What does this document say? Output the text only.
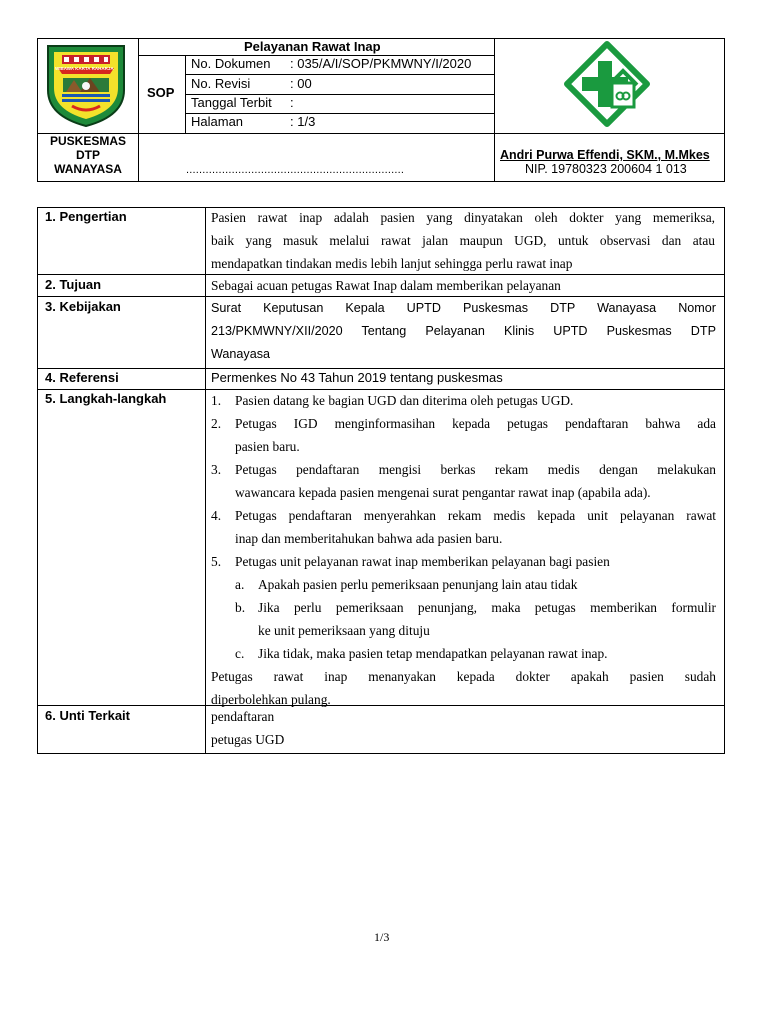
WIBAWA KARTA RAHARJA
Pelayanan Rawat Inap
SOP
No. Dokumen : 035/A/I/SOP/PKMWNY/I/2020
No. Revisi	: 00
Tanggal Terbit :
Halaman	: 1/3
PUSKESMAS
DTP
WANAYASA	...................................................................
Andri Purwa Effendi, SKM., M.Mkes
NIP. 19780323 200604 1 013
1. Pengertian	Pasien rawat inap adalah pasien yang dinyatakan oleh dokter yang memeriksa,
baik yang masuk melalui rawat jalan maupun UGD, untuk observasi dan atau
mendapatkan tindakan medis lebih lanjut sehingga perlu rawat inap
2. Tujuan	Sebagai acuan petugas Rawat Inap dalam memberikan pelayanan
3. Kebijakan	Surat Keputusan Kepala UPTD Puskesmas DTP Wanayasa Nomor
213/PKMWNY/XII/2020 Tentang Pelayanan Klinis UPTD Puskesmas DTP
Wanayasa
4. Referensi	Permenkes No 43 Tahun 2019 tentang puskesmas
5. Langkah-langkah	1. Pasien datang ke bagian UGD dan diterima oleh petugas UGD.
2. Petugas IGD menginformasihan kepada petugas pendaftaran bahwa ada
pasien baru.
3. Petugas pendaftaran mengisi berkas rekam medis dengan melakukan
wawancara kepada pasien mengenai surat pengantar rawat inap (apabila ada).
4. Petugas pendaftaran menyerahkan rekam medis kepada unit pelayanan rawat
inap dan memberitahukan bahwa ada pasien baru.
5. Petugas unit pelayanan rawat inap memberikan pelayanan bagi pasien
a. Apakah pasien perlu pemeriksaan penunjang lain atau tidak
b. Jika perlu pemeriksaan penunjang, maka petugas memberikan formulir
ke unit pemeriksaan yang dituju
c. Jika tidak, maka pasien tetap mendapatkan pelayanan rawat inap.
Petugas rawat inap menanyakan kepada dokter apakah pasien sudah
diperbolehkan pulang.
6. Unti Terkait	pendaftaran
petugas UGD
1/3
